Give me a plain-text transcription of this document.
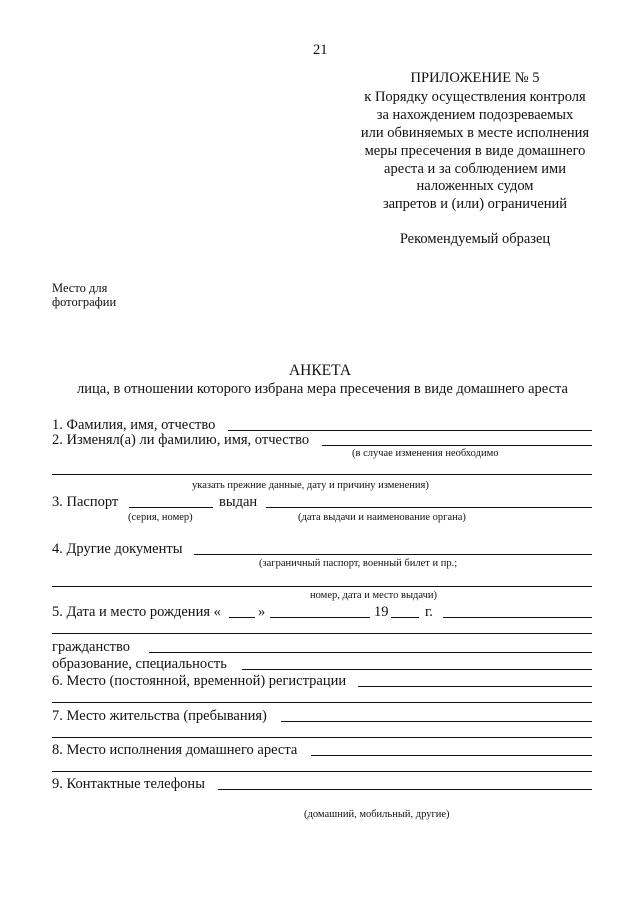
21
ПРИЛОЖЕНИЕ № 5
к Порядку осуществления контроля
за нахождением подозреваемых
или обвиняемых в месте исполнения
меры пресечения в виде домашнего
ареста и за соблюдением ими
наложенных судом
запретов и (или) ограничений
Рекомендуемый образец
Место для
фотографии
АНКЕТА
лица, в отношении которого избрана мера пресечения в виде домашнего ареста
1. Фамилия, имя, отчество
2. Изменял(а) ли фамилию, имя, отчество
(в случае изменения необходимо
указать прежние данные, дату и причину изменения)
3. Паспорт	выдан
(серия, номер)	(дата выдачи и наименование органа)
4. Другие документы
(заграничный паспорт, военный билет и пр.;
номер, дата и место выдачи)
5. Дата и место рождения «	»	19	г.
гражданство
образование, специальность
6. Место (постоянной, временной) регистрации
7. Место жительства (пребывания)
8. Место исполнения домашнего ареста
9. Контактные телефоны
(домашний, мобильный, другие)
